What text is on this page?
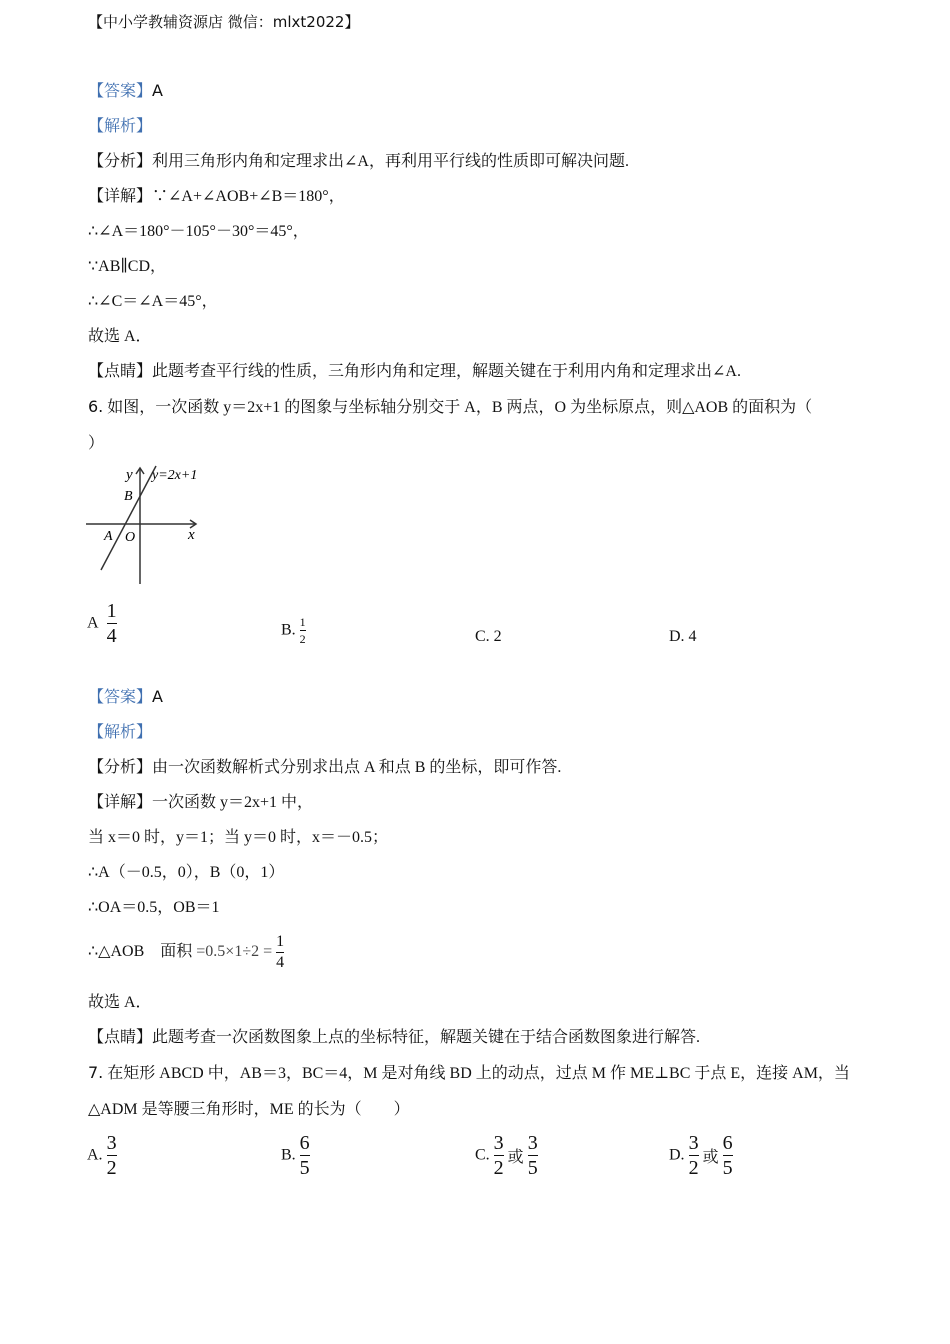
【中小学教辅资源店 微信：mlxt2022】
【答案】A
【解析】
【分析】利用三角形内角和定理求出∠A，再利用平行线的性质即可解决问题.
【详解】∵∠A+∠AOB+∠B＝180°，
∴∠A＝180°－105°－30°＝45°，
∵AB∥CD，
∴∠C＝∠A＝45°，
故选 A．
【点睛】此题考查平行线的性质，三角形内角和定理，解题关键在于利用内角和定理求出∠A.
6. 如图，一次函数 y＝2x+1 的图象与坐标轴分别交于 A，B 两点，O 为坐标原点，则△AOB 的面积为（
）
y y=2x+1
B
A O	x
A $\frac{1}{4}$	B. $\frac{1}{2}$	C. 2	D. 4
【答案】A
【解析】
【分析】由一次函数解析式分别求出点 A 和点 B 的坐标，即可作答.
【详解】一次函数 y＝2x+1 中，
当 x＝0 时，y＝1；当 y＝0 时，x＝－0.5；
∴A（－0.5，0），B（0，1）
∴OA＝0.5，OB＝1
∴△AOB 面积 $=0.5\times 1\div 2 = \frac{1}{4}$
故选 A．
【点睛】此题考查一次函数图象上点的坐标特征，解题关键在于结合函数图象进行解答.
7. 在矩形 ABCD 中，AB＝3，BC＝4，M 是对角线 BD 上的动点，过点 M 作 ME⊥BC 于点 E，连接 AM，当
△ADM 是等腰三角形时，ME 的长为（　　）
A. $\frac{3}{2}$	B. $\frac{6}{5}$	C. $\frac{3}{2}$ 或 $\frac{3}{5}$	D. $\frac{3}{2}$ 或 $\frac{6}{5}$
